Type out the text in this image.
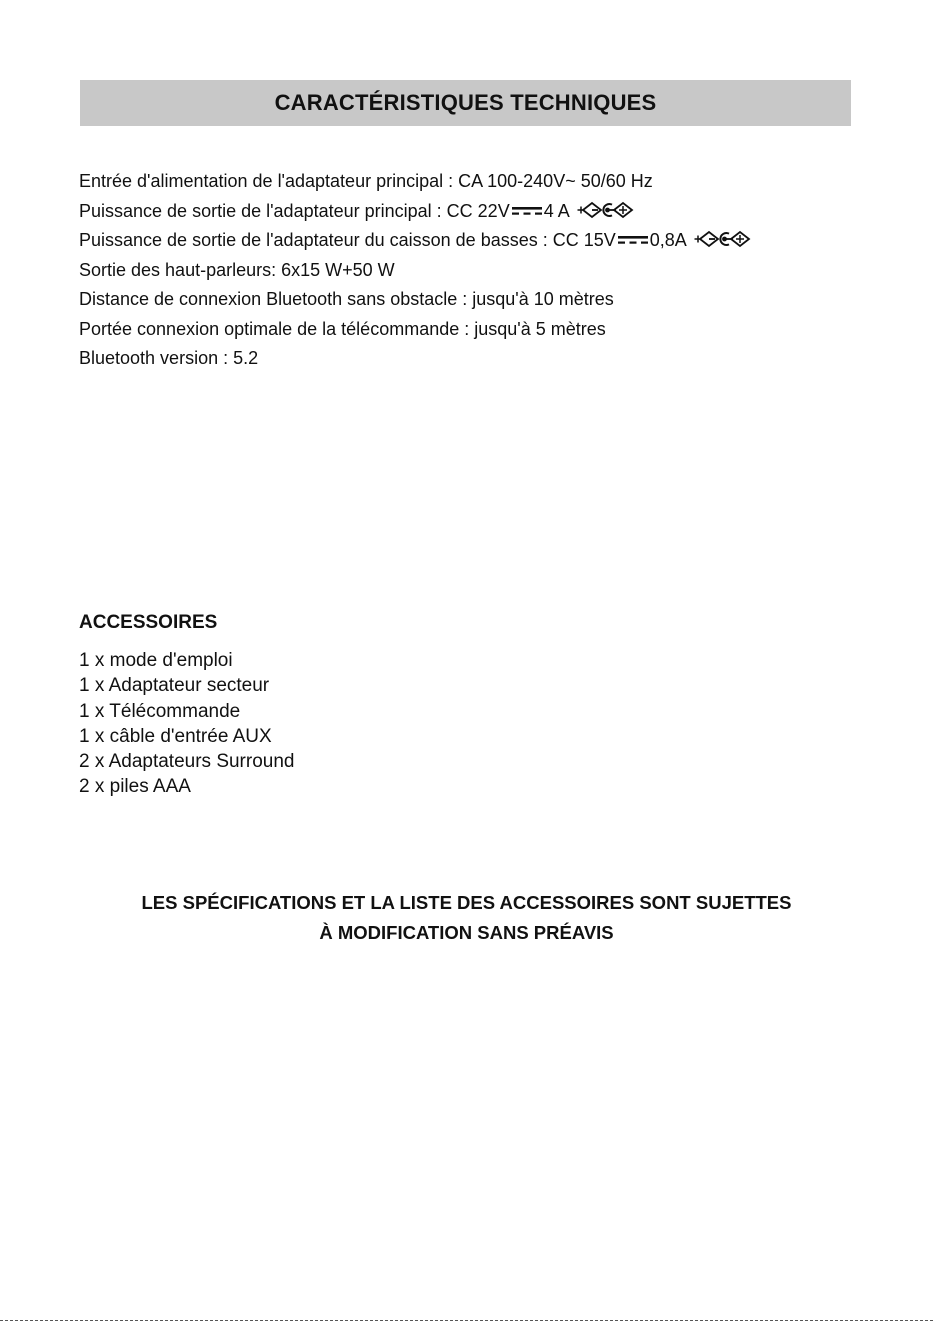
CARACTÉRISTIQUES TECHNIQUES
Entrée d'alimentation de l'adaptateur principal : CA 100-240V~ 50/60 Hz
Puissance de sortie de l'adaptateur principal : CC 22V 4 A
Puissance de sortie de l'adaptateur du caisson de basses : CC 15V 0,8A
Sortie des haut-parleurs: 6x15 W+50 W
Distance de connexion Bluetooth sans obstacle : jusqu'à 10 mètres
Portée connexion optimale de la télécommande : jusqu'à 5 mètres
Bluetooth version : 5.2
ACCESSOIRES
1 x mode d'emploi
1 x Adaptateur secteur
1 x Télécommande
1 x câble d'entrée AUX
2 x Adaptateurs Surround
2 x piles AAA
LES SPÉCIFICATIONS ET LA LISTE DES ACCESSOIRES SONT SUJETTES
À MODIFICATION SANS PRÉAVIS
